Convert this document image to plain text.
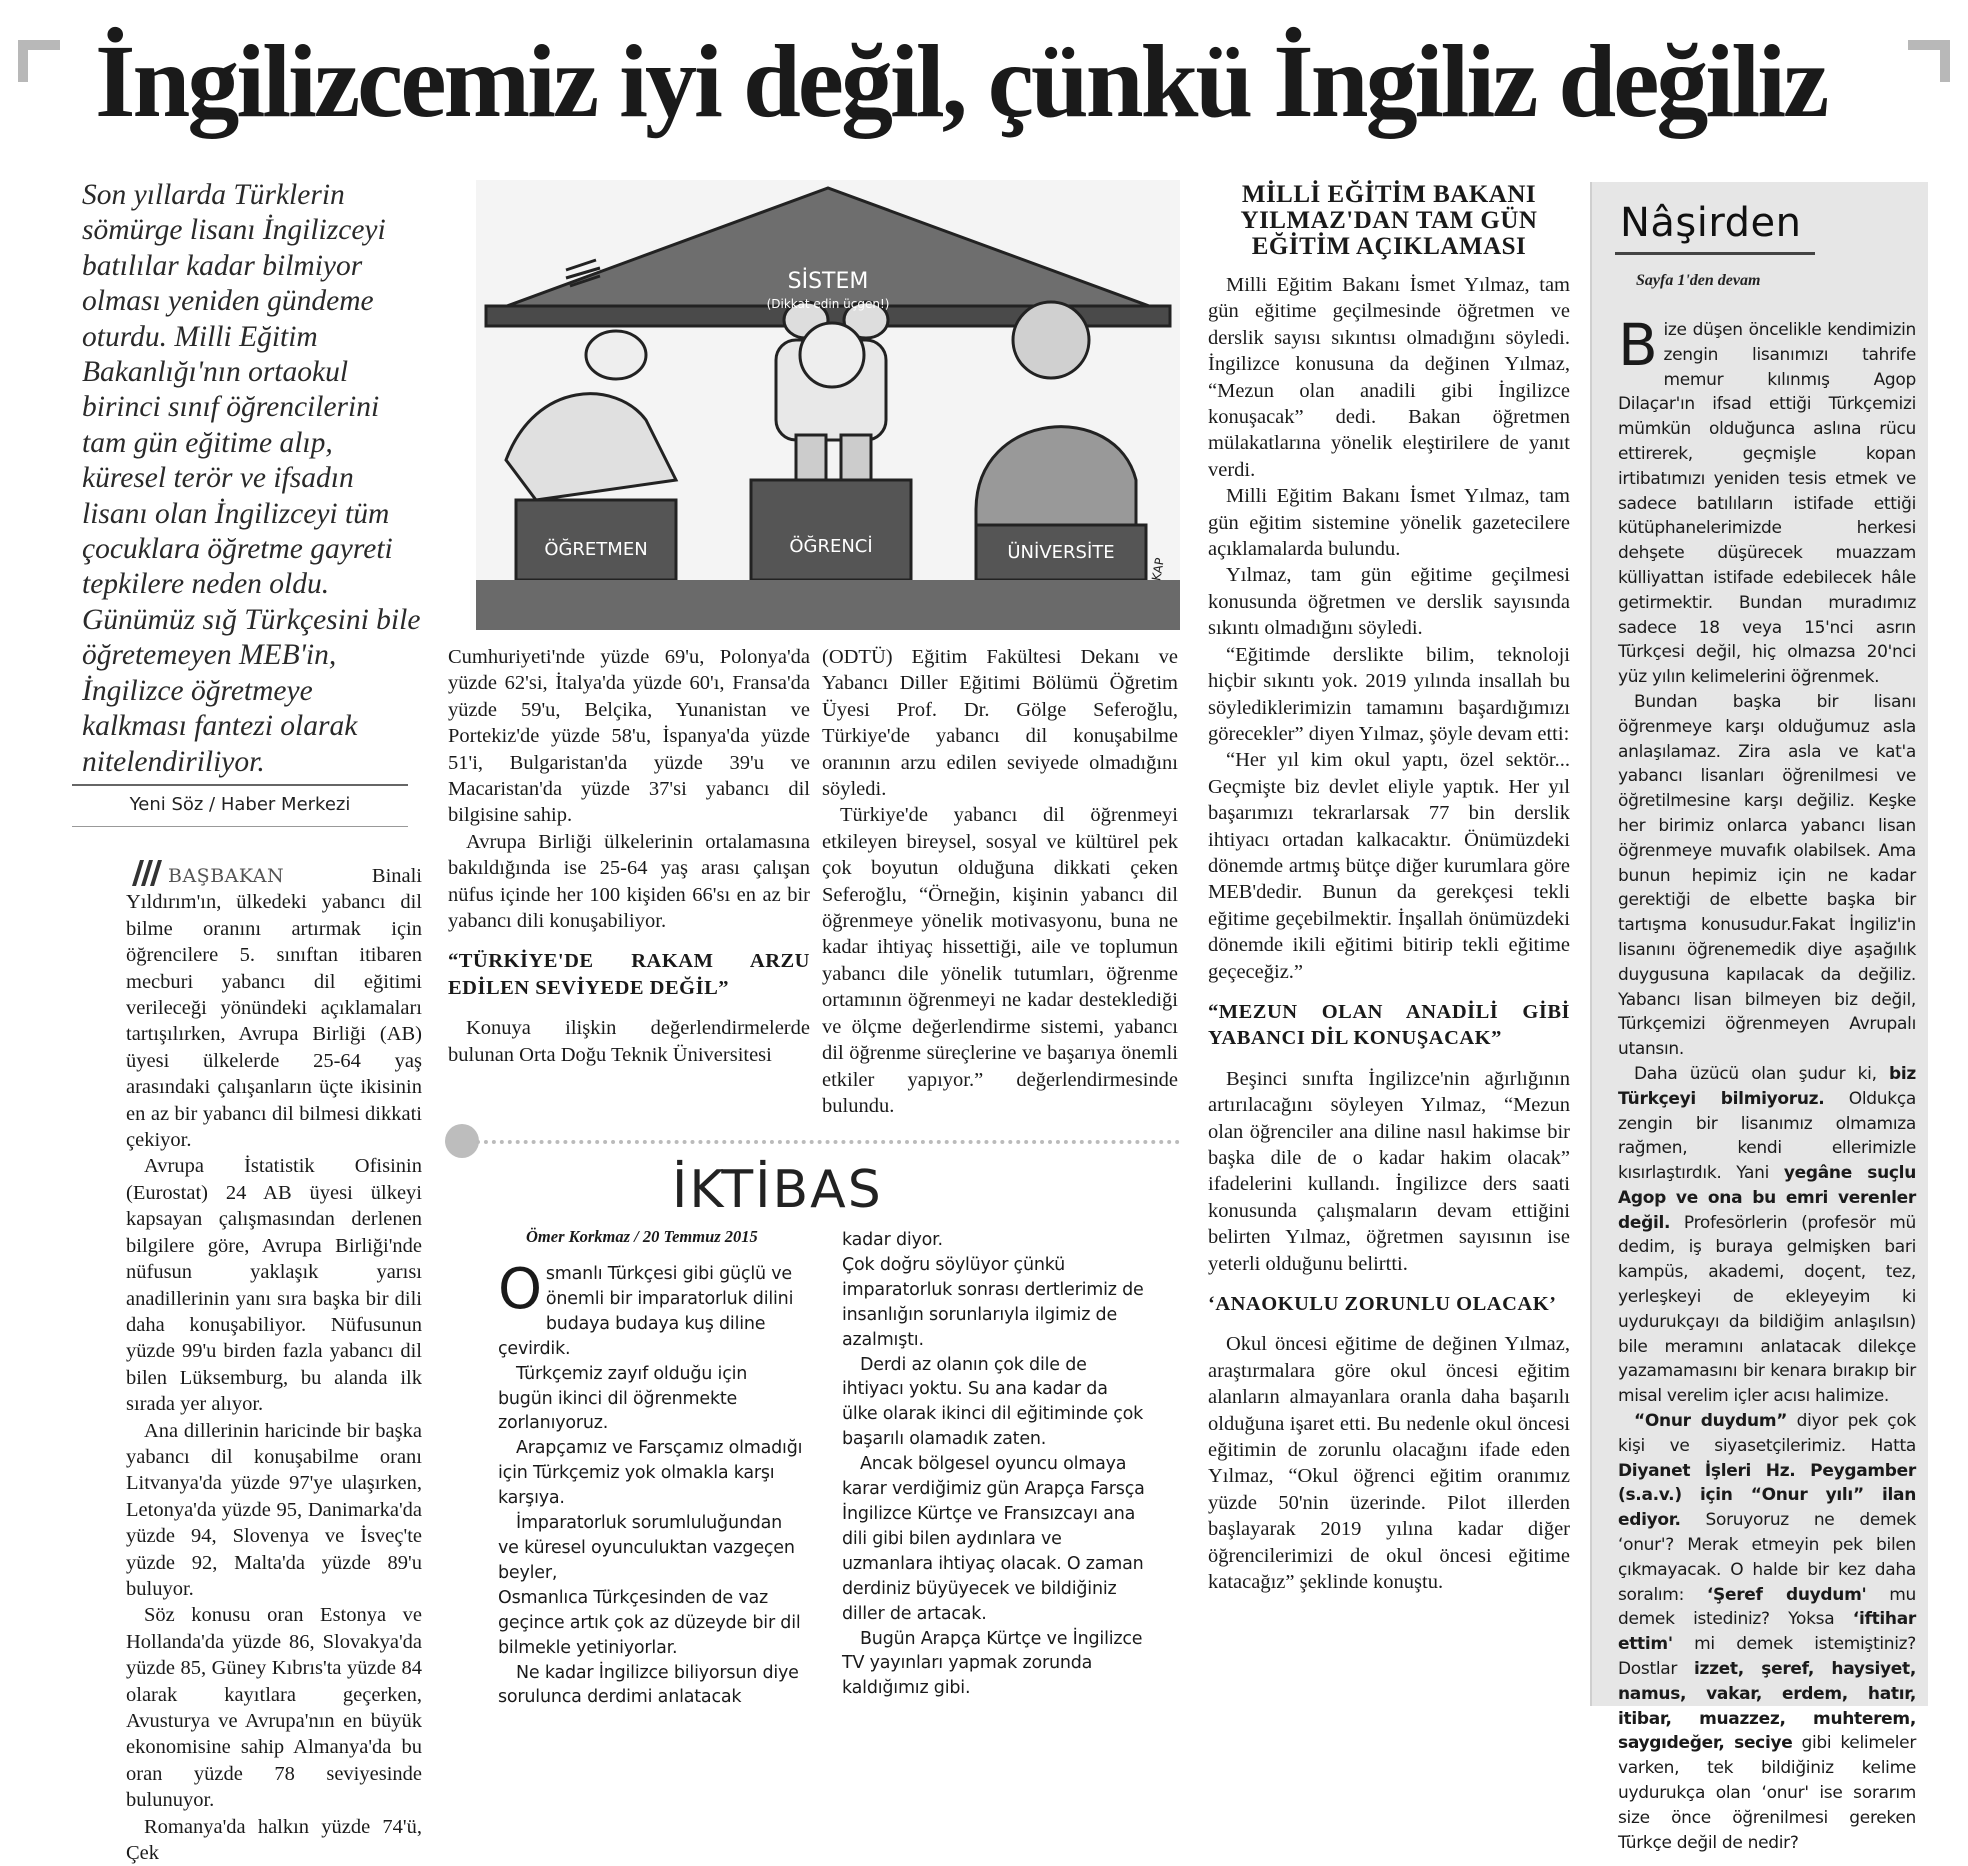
İngilizcemiz iyi değil, çünkü İngiliz değiliz
Son yıllarda Türklerin sömürge lisanı İngilizceyi batılılar kadar bilmiyor olması yeniden gündeme oturdu. Milli Eğitim Bakanlığı'nın ortaokul birinci sınıf öğrencilerini tam gün eğitime alıp, küresel terör ve ifsadın lisanı olan İngilizceyi tüm çocuklara öğretme gayreti tepkilere neden oldu. Günümüz sığ Türkçesini bile öğretemeyen MEB'in, İngilizce öğretmeye kalkması fantezi olarak nitelendiriliyor.
Yeni Söz / Haber Merkezi

BAŞBAKAN	Binali Yıldırım'ın, ülkedeki yabancı dil bilme oranını artırmak için öğrencilere 5. sınıftan itibaren mecburi yabancı dil eğitimi verileceği yönündeki açıklamaları tartışılırken, Avrupa Birliği (AB) üyesi ülkelerde 25-64 yaş arasındaki çalışanların üçte ikisinin en az bir yabancı dil bilmesi dikkati çekiyor.

Avrupa İstatistik Ofisinin (Eurostat) 24 AB üyesi ülkeyi kapsayan çalışmasından derlenen bilgilere göre, Avrupa Birliği'nde nüfusun yaklaşık yarısı anadillerinin yanı sıra başka bir dili daha konuşabiliyor. Nüfusunun yüzde 99'u birden fazla yabancı dil bilen Lüksemburg, bu alanda ilk sırada yer alıyor.

Ana dillerinin haricinde bir başka yabancı dil konuşabilme oranı Litvanya'da yüzde 97'ye ulaşırken, Letonya'da yüzde 95, Danimarka'da yüzde 94, Slovenya ve İsveç'te yüzde 92, Malta'da yüzde 89'u buluyor.

Söz konusu oran Estonya ve Hollanda'da yüzde 86, Slovakya'da yüzde 85, Güney Kıbrıs'ta yüzde 84 olarak kayıtlara geçerken, Avusturya ve Avrupa'nın en büyük ekonomisine sahip Almanya'da bu oran yüzde 78 seviyesinde bulunuyor.

Romanya'da halkın yüzde 74'ü, Çek

SİSTEM
(Dikkat edin üçgen!)
ÖĞRETMEN	ÖĞRENCİ	ÜNİVERSİTE
KAP

Cumhuriyeti'nde yüzde 69'u, Polonya'da yüzde 62'si, İtalya'da yüzde 60'ı, Fransa'da yüzde 59'u, Belçika, Yunanistan ve Portekiz'de yüzde 58'u, İspanya'da yüzde 51'i, Bulgaristan'da yüzde 39'u ve Macaristan'da yüzde 37'si yabancı dil bilgisine sahip.

Avrupa Birliği ülkelerinin ortalamasına bakıldığında ise 25-64 yaş arası çalışan nüfus içinde her 100 kişiden 66'sı en az bir yabancı dili konuşabiliyor.

“TÜRKİYE'DE RAKAM ARZU EDİLEN SEVİYEDE DEĞİL”

Konuya ilişkin değerlendirmelerde bulunan Orta Doğu Teknik Üniversitesi

(ODTÜ) Eğitim Fakültesi Dekanı ve Yabancı Diller Eğitimi Bölümü Öğretim Üyesi Prof. Dr. Gölge Seferoğlu, Türkiye'de yabancı dil konuşabilme oranının arzu edilen seviyede olmadığını söyledi.

Türkiye'de yabancı dil öğrenmeyi etkileyen bireysel, sosyal ve kültürel pek çok boyutun olduğuna dikkati çeken Seferoğlu, “Örneğin, kişinin yabancı dil öğrenmeye yönelik motivasyonu, buna ne kadar ihtiyaç hissettiği, aile ve toplumun yabancı dile yönelik tutumları, öğrenme ortamının öğrenmeyi ne kadar desteklediği ve ölçme değerlendirme sistemi, yabancı dil öğrenme süreçlerine ve başarıya önemli etkiler yapıyor.” değerlendirmesinde bulundu.

MİLLİ EĞİTİM BAKANI YILMAZ'DAN TAM GÜN EĞİTİM AÇIKLAMASI

Milli Eğitim Bakanı İsmet Yılmaz, tam gün eğitime geçilmesinde öğretmen ve derslik sayısı sıkıntısı olmadığını söyledi. İngilizce konusuna da değinen Yılmaz, “Mezun olan anadili gibi İngilizce konuşacak” dedi. Bakan öğretmen mülakatlarına yönelik eleştirilere de yanıt verdi.

Milli Eğitim Bakanı İsmet Yılmaz, tam gün eğitim sistemine yönelik gazetecilere açıklamalarda bulundu.

Yılmaz, tam gün eğitime geçilmesi konusunda öğretmen ve derslik sayısında sıkıntı olmadığını söyledi.

“Eğitimde derslikte bilim, teknoloji hiçbir sıkıntı yok. 2019 yılında insallah bu söylediklerimizin tamamını başardığımızı görecekler” diyen Yılmaz, şöyle devam etti:

“Her yıl kim okul yaptı, özel sektör... Geçmişte biz devlet eliyle yaptık. Her yıl başarımızı tekrarlarsak 77 bin derslik ihtiyacı ortadan kalkacaktır. Önümüzdeki dönemde artmış bütçe diğer kurumlara göre MEB'dedir. Bunun da gerekçesi tekli eğitime geçebilmektir. İnşallah önümüzdeki dönemde ikili eğitimi bitirip tekli eğitime geçeceğiz.”

“MEZUN OLAN ANADİLİ GİBİ YABANCI DİL KONUŞACAK”

Beşinci sınıfta İngilizce'nin ağırlığının artırılacağını söyleyen Yılmaz, “Mezun olan öğrenciler ana diline nasıl hakimse bir başka dile de o kadar hakim olacak” ifadelerini kullandı. İngilizce ders saati konusunda çalışmaların devam ettiğini belirten Yılmaz, öğretmen sayısının ise yeterli olduğunu belirtti.

‘ANAOKULU ZORUNLU OLACAK’

Okul öncesi eğitime de değinen Yılmaz, araştırmalara göre okul öncesi eğitim alanların almayanlara oranla daha başarılı olduğuna işaret etti. Bu nedenle okul öncesi eğitimin de zorunlu olacağını ifade eden Yılmaz, “Okul öğrenci eğitim oranımız yüzde 50'nin üzerinde. Pilot illerden başlayarak 2019 yılına kadar diğer öğrencilerimizi de okul öncesi eğitime katacağız” şeklinde konuştu.

İKTİBAS
Ömer Korkmaz / 20 Temmuz 2015

Osmanlı Türkçesi gibi güçlü ve önemli bir imparatorluk dilini budaya budaya kuş diline çevirdik.

Türkçemiz zayıf olduğu için bugün ikinci dil öğrenmekte zorlanıyoruz.

Arapçamız ve Farsçamız olmadığı için Türkçemiz yok olmakla karşı karşıya.

İmparatorluk sorumluluğundan ve küresel oyunculuktan vazgeçen beyler,

Osmanlıca Türkçesinden de vaz geçince artık çok az düzeyde bir dil bilmekle yetiniyorlar.

Ne kadar İngilizce biliyorsun diye sorulunca derdimi anlatacak

kadar diyor.

Çok doğru söylüyor çünkü imparatorluk sonrası dertlerimiz de insanlığın sorunlarıyla ilgimiz de azalmıştı.

Derdi az olanın çok dile de ihtiyacı yoktu. Su ana kadar da ülke olarak ikinci dil eğitiminde çok başarılı olamadık zaten.

Ancak bölgesel oyuncu olmaya karar verdiğimiz gün Arapça Farsça İngilizce Kürtçe ve Fransızcayı ana dili gibi bilen aydınlara ve uzmanlara ihtiyaç olacak. O zaman derdiniz büyüyecek ve bildiğiniz diller de artacak.

Bugün Arapça Kürtçe ve İngilizce TV yayınları yapmak zorunda kaldığımız gibi.

Nâşirden
Sayfa 1'den devam

Bize düşen öncelikle kendimizin zengin lisanımızı tahrife memur kılınmış Agop Dilaçar'ın ifsad ettiği Türkçemizi mümkün olduğunca aslına rücu ettirerek, geçmişle kopan irtibatımızı yeniden tesis etmek ve sadece batılıların istifade ettiği kütüphanelerimizde herkesi dehşete düşürecek muazzam külliyattan istifade edebilecek hâle getirmektir. Bundan muradımız sadece 18 veya 15'nci asrın Türkçesi değil, hiç olmazsa 20'nci yüz yılın kelimelerini öğrenmek.

Bundan başka bir lisanı öğrenmeye karşı olduğumuz asla anlaşılamaz. Zira asla ve kat'a yabancı lisanları öğrenilmesi ve öğretilmesine karşı değiliz. Keşke her birimiz onlarca yabancı lisan öğrenmeye muvafık olabilsek. Ama bunun hepimiz için ne kadar gerektiği de elbette başka bir tartışma konusudur.Fakat İngiliz'in lisanını öğrenemedik diye aşağılık duygusuna kapılacak da değiliz. Yabancı lisan bilmeyen biz değil, Türkçemizi öğrenmeyen Avrupalı utansın.

Daha üzücü olan şudur ki, biz Türkçeyi bilmiyoruz. Oldukça zengin bir lisanımız olmamıza rağmen, kendi ellerimizle kısırlaştırdık. Yani yegâne suçlu Agop ve ona bu emri verenler değil. Profesörlerin (profesör mü dedim, iş buraya gelmişken bari kampüs, akademi, doçent, tez, yerleşkeyi de ekleyeyim ki uydurukçayı da bildiğim anlaşılsın) bile meramını anlatacak dilekçe yazamamasını bir kenara bırakıp bir misal verelim içler acısı halimize.

“Onur duydum” diyor pek çok kişi ve siyasetçilerimiz. Hatta Diyanet İşleri Hz. Peygamber (s.a.v.) için “Onur yılı” ilan ediyor. Soruyoruz ne demek ‘onur'? Merak etmeyin pek bilen çıkmayacak. O halde bir kez daha soralım: ‘Şeref duydum' mu demek istediniz? Yoksa ‘iftihar ettim' mi demek istemiştiniz? Dostlar izzet, şeref, haysiyet, namus, vakar, erdem, hatır, itibar, muazzez, muhterem, saygıdeğer, seciye gibi kelimeler varken, tek bildiğiniz kelime uydurukça olan ‘onur' ise sorarım size önce öğrenilmesi gereken Türkçe değil de nedir?
